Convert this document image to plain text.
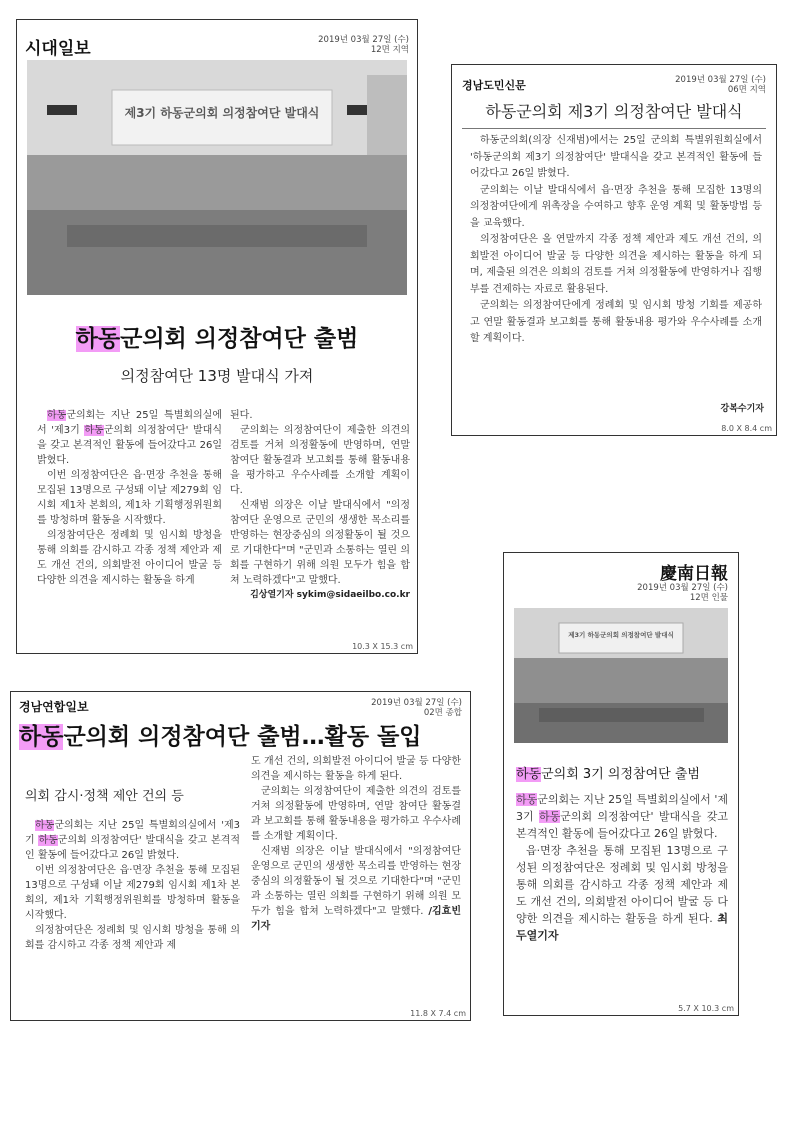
시대일보	2019년 03월 27일 (수)
12면 지역
제3기 하동군의회 의정참여단 발대식
하동군의회 의정참여단 출범
의정참여단 13명 발대식 가져

하동군의회는 지난 25일 특별회의실에서 '제3기 하동군의회 의정참여단' 발대식을 갖고 본격적인 활동에 들어갔다고 26일 밝혔다.

이번 의정참여단은 읍·면장 추천을 통해 모집된 13명으로 구성돼 이날 제279회 임시회 제1차 본회의, 제1차 기획행정위원회를 방청하며 활동을 시작했다.

의정참여단은 정례회 및 임시회 방청을 통해 의회를 감시하고 각종 정책 제안과 제도 개선 건의, 의회발전 아이디어 발굴 등 다양한 의견을 제시하는 활동을 하게

된다.

군의회는 의정참여단이 제출한 의견의 검토를 거쳐 의정활동에 반영하며, 연말 참여단 활동결과 보고회를 통해 활동내용을 평가하고 우수사례를 소개할 계획이다.

신재범 의장은 이날 발대식에서 "의정참여단 운영으로 군민의 생생한 목소리를 반영하는 현장중심의 의정활동이 될 것으로 기대한다"며 "군민과 소통하는 열린 의회를 구현하기 위해 의원 모두가 힘을 합쳐 노력하겠다"고 말했다.

김상열기자 sykim@sidaeilbo.co.kr

10.3 X 15.3 cm
경남도민신문	2019년 03월 27일 (수)
06면 지역
하동군의회 제3기 의정참여단 발대식

하동군의회(의장 신재범)에서는 25일 군의회 특별위원회실에서 '하동군의회 제3기 의정참여단' 발대식을 갖고 본격적인 활동에 들어갔다고 26일 밝혔다.

군의회는 이날 발대식에서 읍·면장 추천을 통해 모집한 13명의 의정참여단에게 위촉장을 수여하고 향후 운영 계획 및 활동방법 등을 교육했다.

의정참여단은 올 연말까지 각종 정책 제안과 제도 개선 건의, 의회발전 아이디어 발굴 등 다양한 의견을 제시하는 활동을 하게 되며, 제출된 의견은 의회의 검토를 거쳐 의정활동에 반영하거나 집행부를 견제하는 자료로 활용된다.

군의회는 의정참여단에게 정례회 및 임시회 방청 기회를 제공하고 연말 활동결과 보고회를 통해 활동내용 평가와 우수사례를 소개할 계획이다.

강복수기자
8.0 X 8.4 cm
慶南日報
2019년 03월 27일 (수)
12면 인물
제3기 하동군의회 의정참여단 발대식
하동군의회 3기 의정참여단 출범

하동군의회는 지난 25일 특별회의실에서 '제3기 하동군의회 의정참여단' 발대식을 갖고 본격적인 활동에 들어갔다고 26일 밝혔다.

읍·면장 추천을 통해 모집된 13명으로 구성된 의정참여단은 정례회 및 임시회 방청을 통해 의회를 감시하고 각종 정책 제안과 제도 개선 건의, 의회발전 아이디어 발굴 등 다양한 의견을 제시하는 활동을 하게 된다. 최두열기자

5.7 X 10.3 cm
경남연합일보	2019년 03월 27일 (수)
02면 종합
하동군의회 의정참여단 출범…활동 돌입
의회 감시·정책 제안 건의 등

하동군의회는 지난 25일 특별회의실에서 '제3기 하동군의회 의정참여단' 발대식을 갖고 본격적인 활동에 들어갔다고 26일 밝혔다.

이번 의정참여단은 읍·면장 추천을 통해 모집된 13명으로 구성돼 이날 제279회 임시회 제1차 본회의, 제1차 기획행정위원회를 방청하며 활동을 시작했다.

의정참여단은 정례회 및 임시회 방청을 통해 의회를 감시하고 각종 정책 제안과 제

도 개선 건의, 의회발전 아이디어 발굴 등 다양한 의견을 제시하는 활동을 하게 된다.

군의회는 의정참여단이 제출한 의견의 검토를 거쳐 의정활동에 반영하며, 연말 참여단 활동결과 보고회를 통해 활동내용을 평가하고 우수사례를 소개할 계획이다.

신재범 의장은 이날 발대식에서 "의정참여단 운영으로 군민의 생생한 목소리를 반영하는 현장중심의 의정활동이 될 것으로 기대한다"며 "군민과 소통하는 열린 의회를 구현하기 위해 의원 모두가 힘을 합쳐 노력하겠다"고 말했다. /김효빈기자

11.8 X 7.4 cm
